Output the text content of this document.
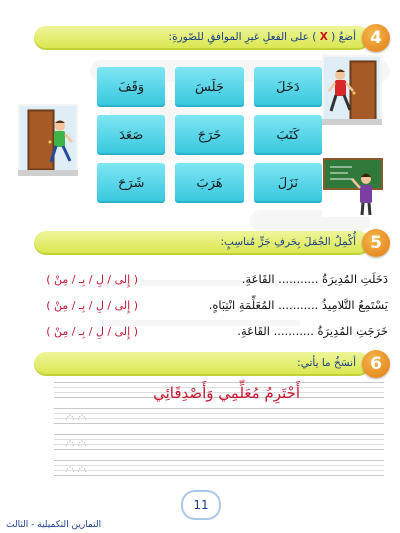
4
أضعُ ( X ) على الفعلِ غيرِ الموافقِ للصّورةِ:
دَخَلَ
جَلَسَ
وَقَفَ
كَتَبَ
خَرَجَ
صَعَدَ
نَزَلَ
هَرَبَ
شَرَحَ
5
أُكْمِلُ الجُمَلَ بِحَرفِ جَرٍّ مُناسِبٍ:
دَخَلَتِ المُدِيرَةُ ........... القَاعَةِ.
( إِلى / لِ / بِـ / مِنْ )
يَسْتَمِعُ التَّلامِيذُ ........... المُعَلِّمَةِ انْتِبَاهٍ.
( إِلى / لِ / بِـ / مِنْ )
خَرَجَتِ المُدِيرَةُ ........... القَاعَةِ.
( إِلى / لِ / بِـ / مِنْ )
6
أنسَخُ ما يأتي:
أَحْتَرِمُ مُعَلِّمِي وَأَصْدِقَائِي
11
التمارين التكميلية - الثالث
